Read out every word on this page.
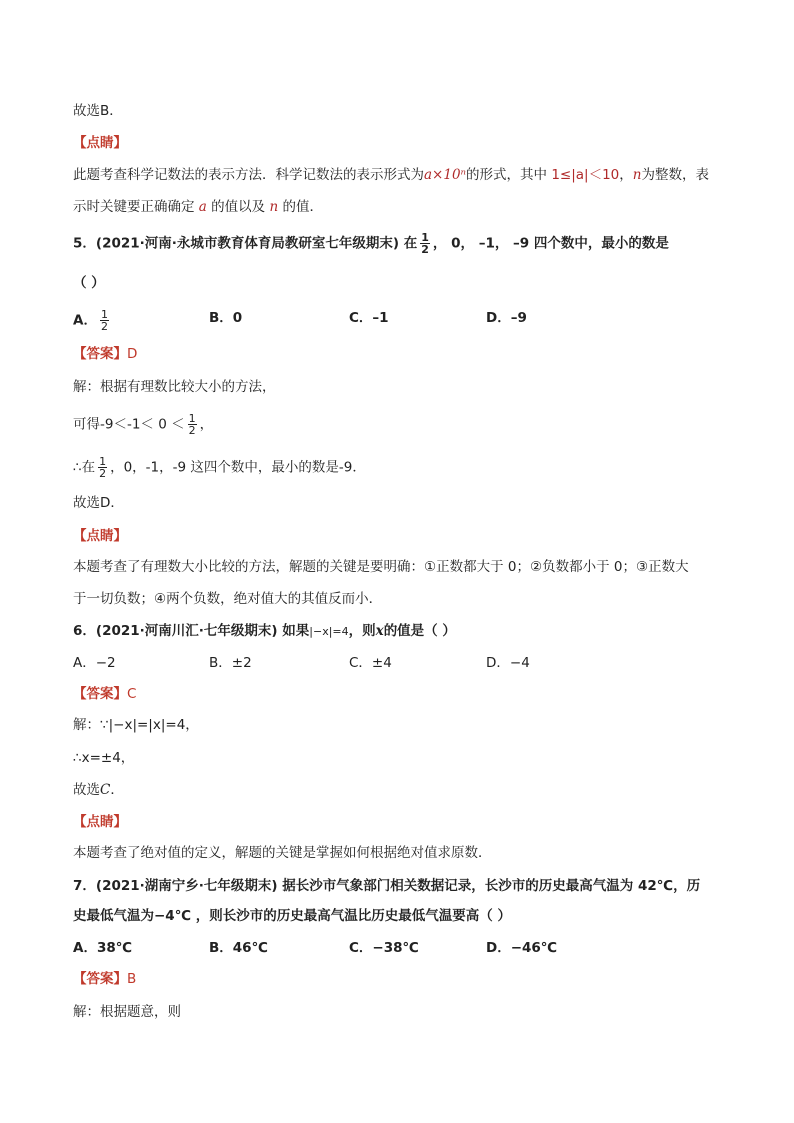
故选B．
【点睛】
此题考查科学记数法的表示方法．科学记数法的表示形式为a×10ⁿ的形式，其中 1≤|a|＜10，n为整数，表
示时关键要正确确定 a 的值以及 n 的值．
5．(2021·河南·永城市教育体育局教研室七年级期末) 在 $\frac{1}{2}$ ， 0， –1， –9 四个数中，最小的数是
（ ）
A． $\frac{1}{2}$	B．0	C．–1	D．–9
【答案】D
解：根据有理数比较大小的方法，
可得$-9<-1< 0 < \frac{1}{2}$ ，
∴在 $\frac{1}{2}$ ，0，-1，-9 这四个数中，最小的数是-9．
故选D．
【点睛】
本题考查了有理数大小比较的方法，解题的关键是要明确：①正数都大于 0；②负数都小于 0；③正数大
于一切负数；④两个负数，绝对值大的其值反而小．
6．(2021·河南川汇·七年级期末) 如果|−x|=4，则x的值是（ ）
A．−2	B．±2	C．±4	D．−4
【答案】C
解：∵|−x|=|x|=4，
∴x=±4，
故选C．
【点睛】
本题考查了绝对值的定义，解题的关键是掌握如何根据绝对值求原数．
7．(2021·湖南宁乡·七年级期末) 据长沙市气象部门相关数据记录，长沙市的历史最高气温为 42℃，历
史最低气温为−4℃ ，则长沙市的历史最高气温比历史最低气温要高（ ）
A．38℃	B．46℃	C．−38℃	D．−46℃
【答案】B
解：根据题意，则
